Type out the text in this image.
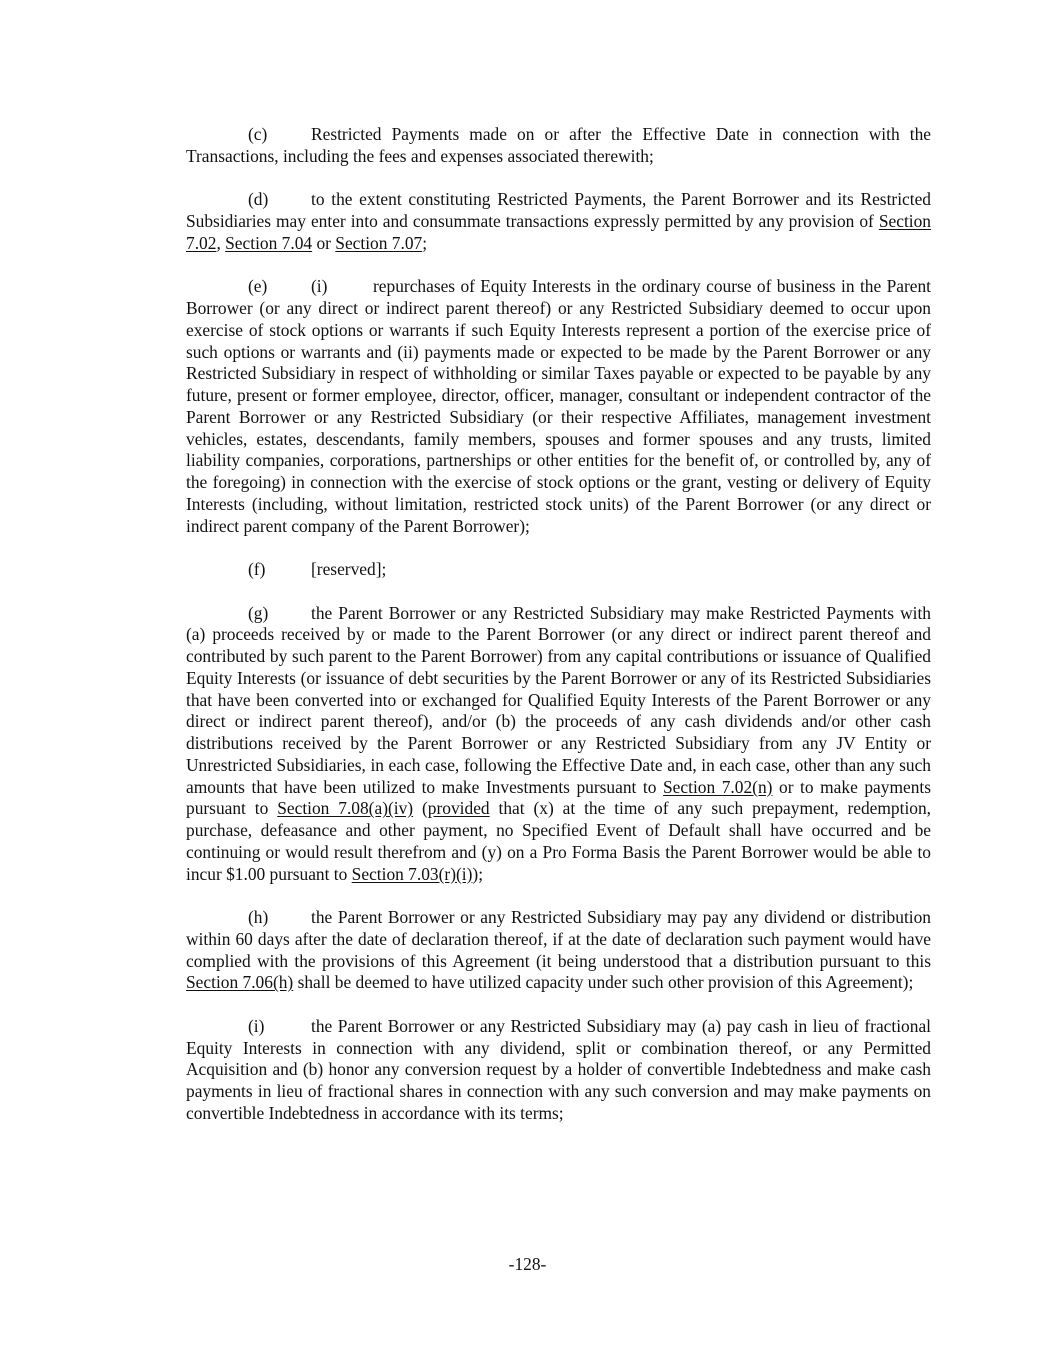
(c)	Restricted Payments made on or after the Effective Date in connection with the Transactions, including the fees and expenses associated therewith;

(d) to the extent constituting Restricted Payments, the Parent Borrower and its Restricted Subsidiaries may enter into and consummate transactions expressly permitted by any provision of Section 7.02, Section 7.04 or Section 7.07;

(e)	(i)	repurchases of Equity Interests in the ordinary course of business in the Parent Borrower (or any direct or indirect parent thereof) or any Restricted Subsidiary deemed to occur upon exercise of stock options or warrants if such Equity Interests represent a portion of the exercise price of such options or warrants and (ii) payments made or expected to be made by the Parent Borrower or any Restricted Subsidiary in respect of withholding or similar Taxes payable or expected to be payable by any future, present or former employee, director, officer, manager, consultant or independent contractor of the Parent Borrower or any Restricted Subsidiary (or their respective Affiliates, management investment vehicles, estates, descendants, family members, spouses and former spouses and any trusts, limited liability companies, corporations, partnerships or other entities for the benefit of, or controlled by, any of the foregoing) in connection with the exercise of stock options or the grant, vesting or delivery of Equity Interests (including, without limitation, restricted stock units) of the Parent Borrower (or any direct or indirect parent company of the Parent Borrower);

(f)	[reserved];

(g) the Parent Borrower or any Restricted Subsidiary may make Restricted Payments with (a) proceeds received by or made to the Parent Borrower (or any direct or indirect parent thereof and contributed by such parent to the Parent Borrower) from any capital contributions or issuance of Qualified Equity Interests (or issuance of debt securities by the Parent Borrower or any of its Restricted Subsidiaries that have been converted into or exchanged for Qualified Equity Interests of the Parent Borrower or any direct or indirect parent thereof), and/or (b) the proceeds of any cash dividends and/or other cash distributions received by the Parent Borrower or any Restricted Subsidiary from any JV Entity or Unrestricted Subsidiaries, in each case, following the Effective Date and, in each case, other than any such amounts that have been utilized to make Investments pursuant to Section 7.02(n) or to make payments pursuant to Section 7.08(a)(iv) (provided that (x) at the time of any such prepayment, redemption, purchase, defeasance and other payment, no Specified Event of Default shall have occurred and be continuing or would result therefrom and (y) on a Pro Forma Basis the Parent Borrower would be able to incur $1.00 pursuant to Section 7.03(r)(i));

(h) the Parent Borrower or any Restricted Subsidiary may pay any dividend or distribution within 60 days after the date of declaration thereof, if at the date of declaration such payment would have complied with the provisions of this Agreement (it being understood that a distribution pursuant to this Section 7.06(h) shall be deemed to have utilized capacity under such other provision of this Agreement);

(i)	the Parent Borrower or any Restricted Subsidiary may (a) pay cash in lieu of fractional Equity Interests in connection with any dividend, split or combination thereof, or any Permitted Acquisition and (b) honor any conversion request by a holder of convertible Indebtedness and make cash payments in lieu of fractional shares in connection with any such conversion and may make payments on convertible Indebtedness in accordance with its terms;

-128-
